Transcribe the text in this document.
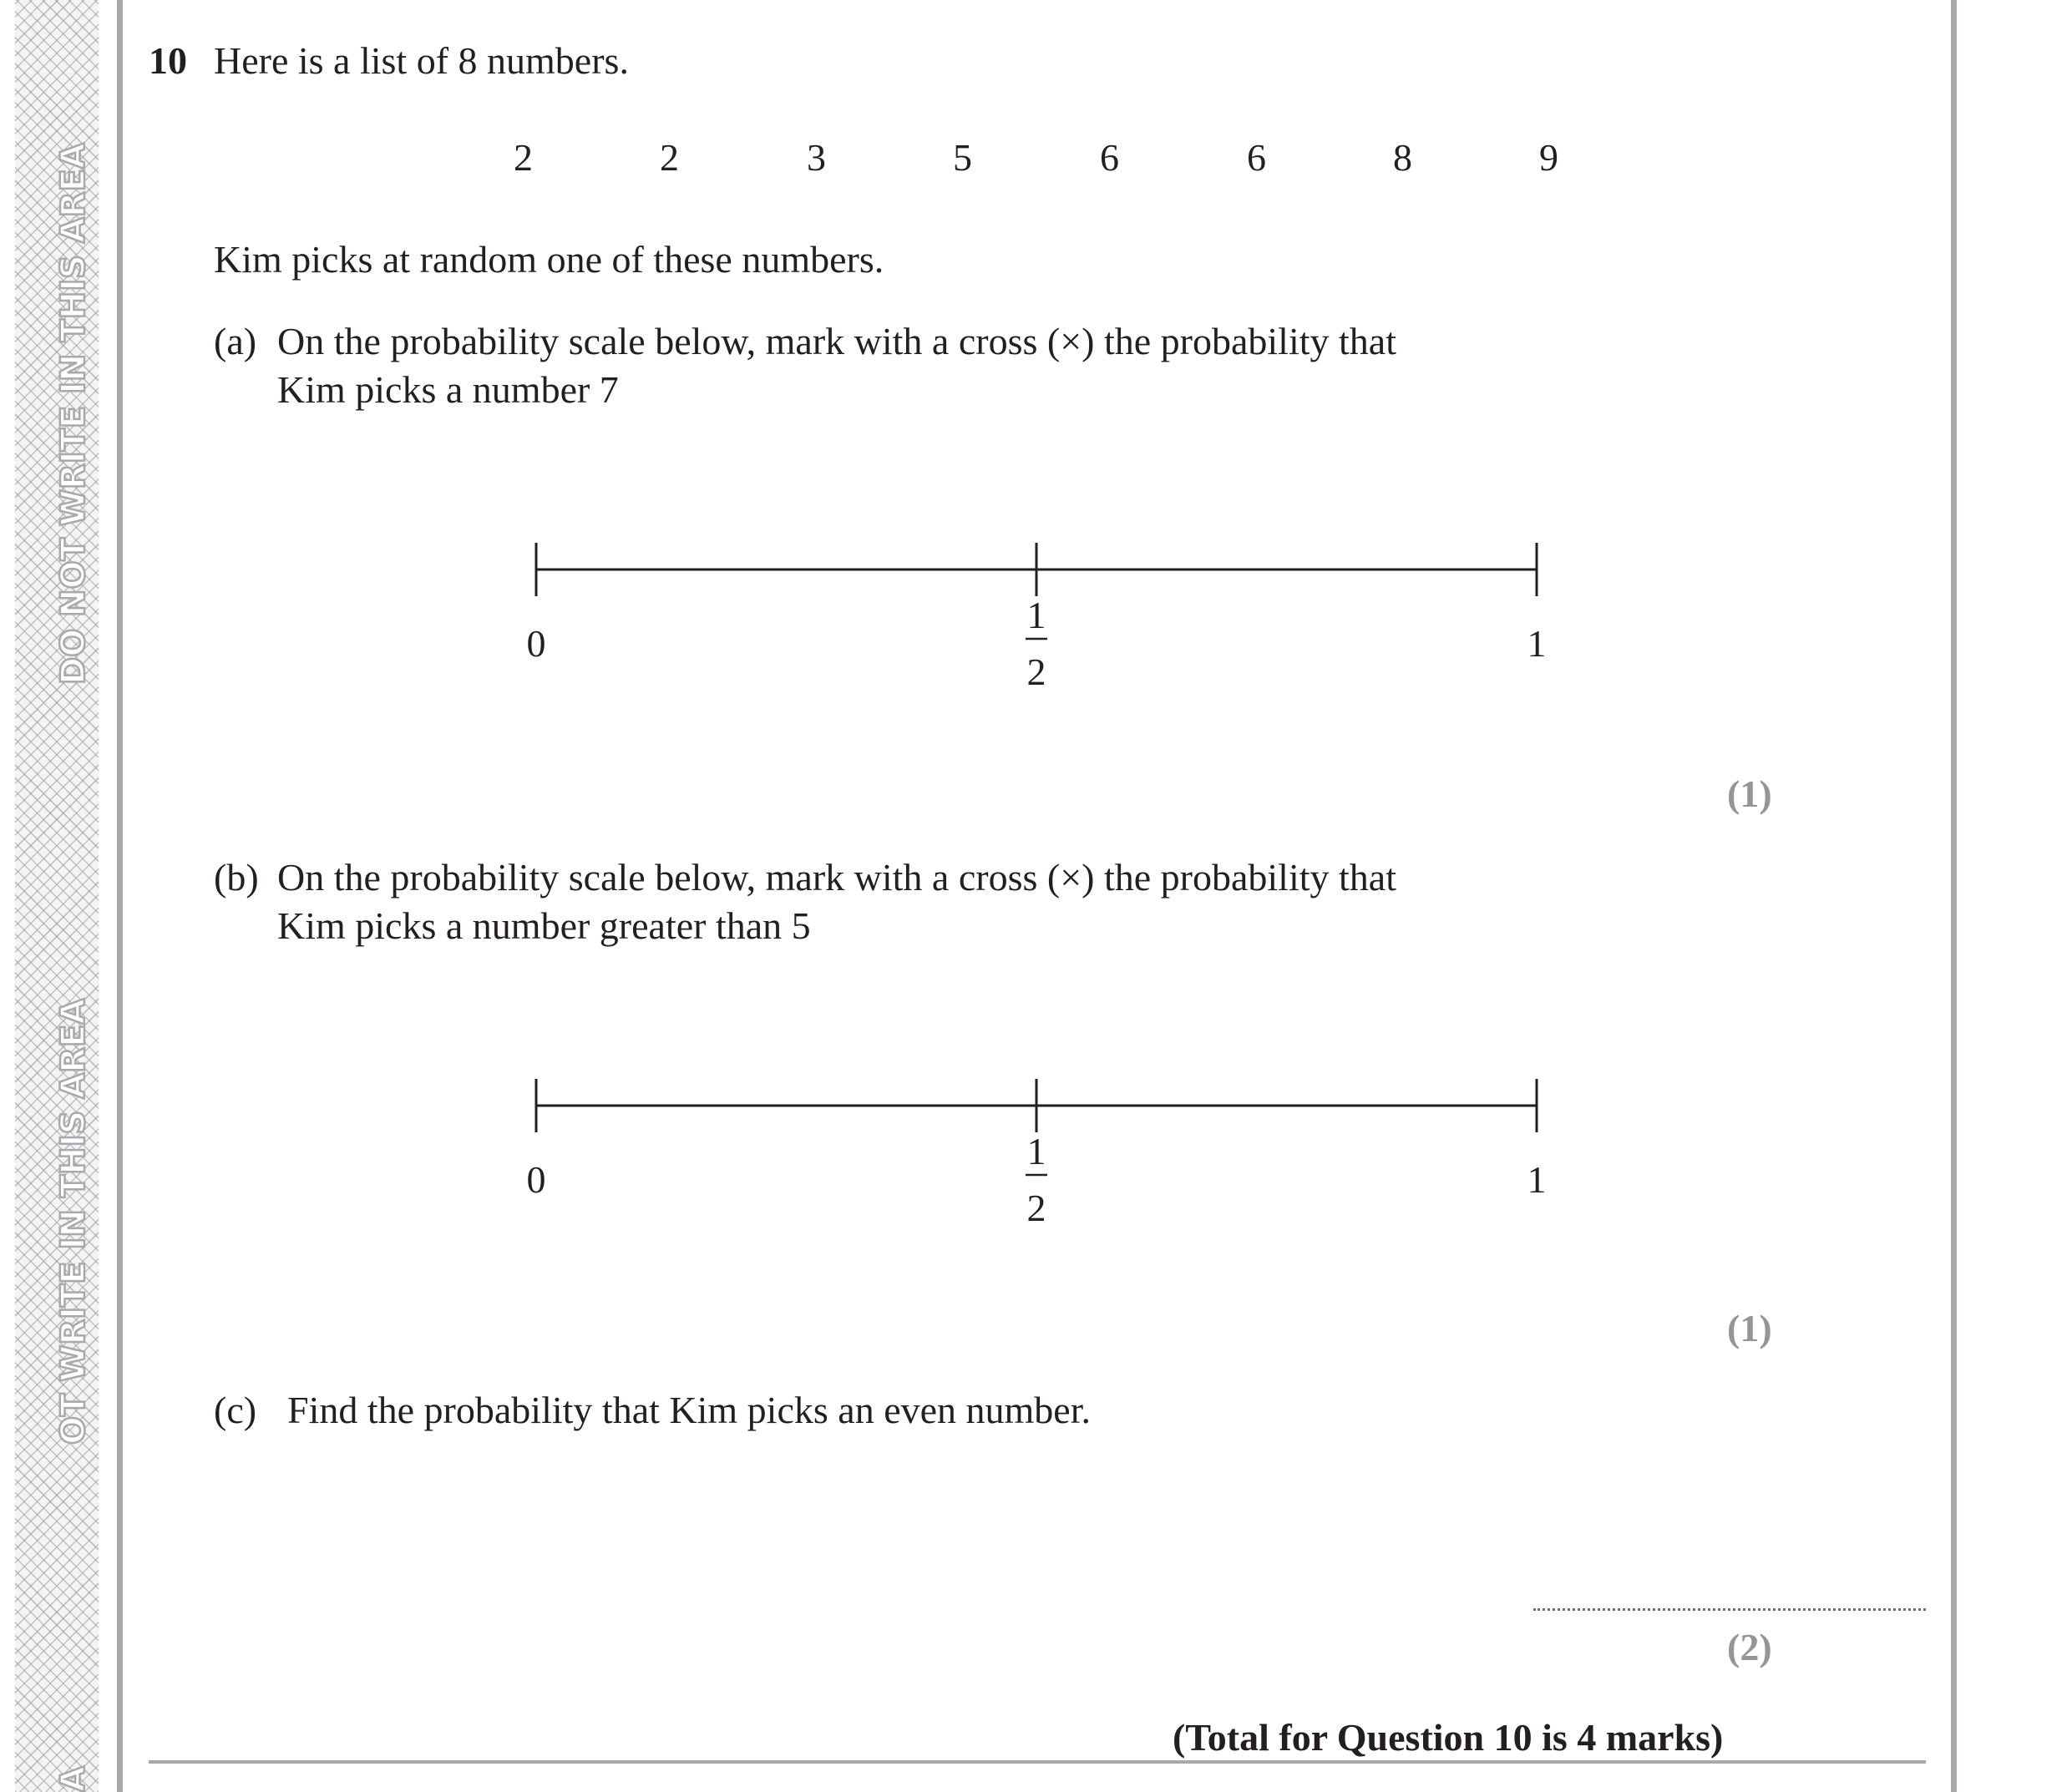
DO NOT WRITE IN THIS AREA
OT WRITE IN THIS AREA
A
10 Here is a list of 8 numbers.
2	2	3	5	6	6	8	9
Kim picks at random one of these numbers.
(a) On the probability scale below, mark with a cross (×) the probability that
Kim picks a number 7
0
1
2
1
(1)
(b) On the probability scale below, mark with a cross (×) the probability that
Kim picks a number greater than 5
0
1
2
1
(1)
(c) Find the probability that Kim picks an even number.
(2)
(Total for Question 10 is 4 marks)
